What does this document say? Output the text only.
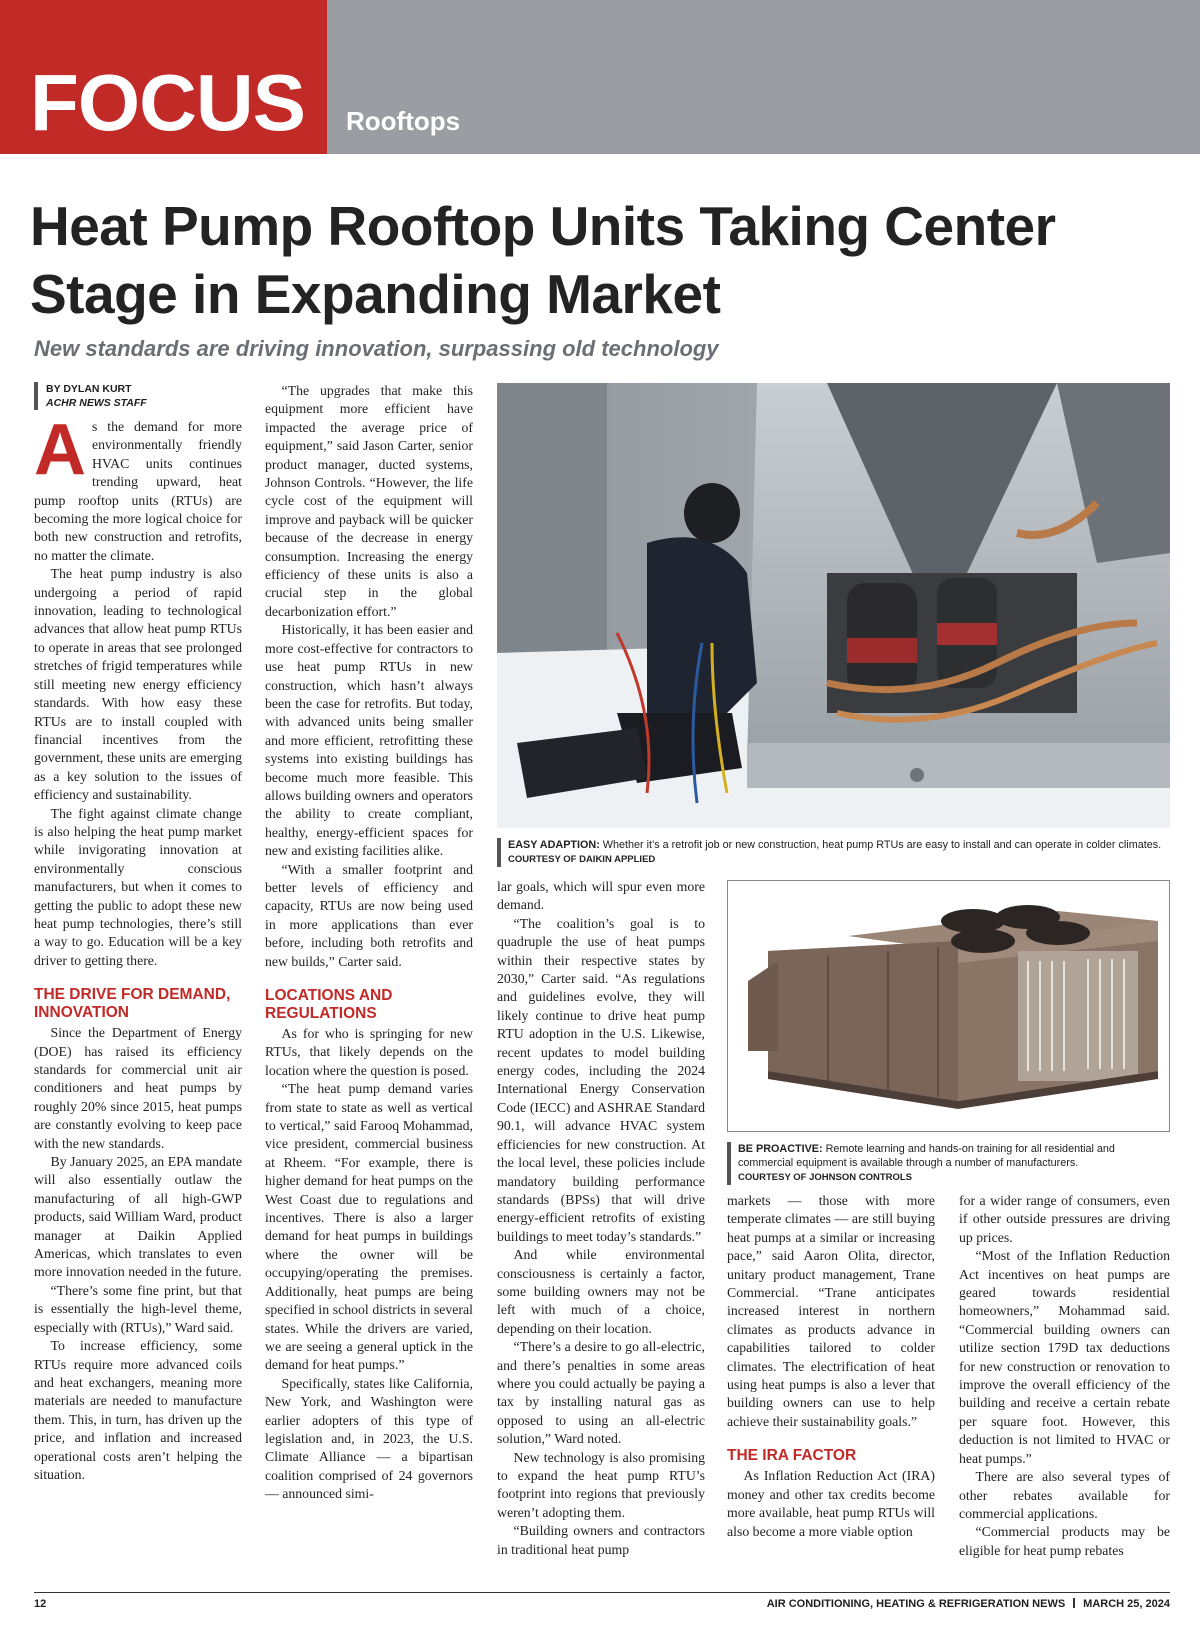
FOCUS Rooftops
Heat Pump Rooftop Units Taking Center Stage in Expanding Market
New standards are driving innovation, surpassing old technology
BY DYLAN KURT
ACHR NEWS STAFF

As the demand for more environmentally friendly HVAC units continues trending upward, heat pump rooftop units (RTUs) are becoming the more logical choice for both new construction and retrofits, no matter the climate.

The heat pump industry is also undergoing a period of rapid innovation, leading to technological advances that allow heat pump RTUs to operate in areas that see prolonged stretches of frigid temperatures while still meeting new energy efficiency standards. With how easy these RTUs are to install coupled with financial incentives from the government, these units are emerging as a key solution to the issues of efficiency and sustainability.

The fight against climate change is also helping the heat pump market while invigorating innovation at environmentally conscious manufacturers, but when it comes to getting the public to adopt these new heat pump technologies, there’s still a way to go. Education will be a key driver to getting there.

THE DRIVE FOR DEMAND, INNOVATION

Since the Department of Energy (DOE) has raised its efficiency standards for commercial unit air conditioners and heat pumps by roughly 20% since 2015, heat pumps are constantly evolving to keep pace with the new standards.

By January 2025, an EPA mandate will also essentially outlaw the manufacturing of all high-GWP products, said William Ward, product manager at Daikin Applied Americas, which translates to even more innovation needed in the future.

“There’s some fine print, but that is essentially the high-level theme, especially with (RTUs),” Ward said.

To increase efficiency, some RTUs require more advanced coils and heat exchangers, meaning more materials are needed to manufacture them. This, in turn, has driven up the price, and inflation and increased operational costs aren’t helping the situation.

“The upgrades that make this equipment more efficient have impacted the average price of equipment,” said Jason Carter, senior product manager, ducted systems, Johnson Controls. “However, the life cycle cost of the equipment will improve and payback will be quicker because of the decrease in energy consumption. Increasing the energy efficiency of these units is also a crucial step in the global decarbonization effort.”

Historically, it has been easier and more cost-effective for contractors to use heat pump RTUs in new construction, which hasn’t always been the case for retrofits. But today, with advanced units being smaller and more efficient, retrofitting these systems into existing buildings has become much more feasible. This allows building owners and operators the ability to create compliant, healthy, energy-efficient spaces for new and existing facilities alike.

“With a smaller footprint and better levels of efficiency and capacity, RTUs are now being used in more applications than ever before, including both retrofits and new builds,” Carter said.

LOCATIONS AND REGULATIONS

As for who is springing for new RTUs, that likely depends on the location where the question is posed.

“The heat pump demand varies from state to state as well as vertical to vertical,” said Farooq Mohammad, vice president, commercial business at Rheem. “For example, there is higher demand for heat pumps on the West Coast due to regulations and incentives. There is also a larger demand for heat pumps in buildings where the owner will be occupying/operating the premises. Additionally, heat pumps are being specified in school districts in several states. While the drivers are varied, we are seeing a general uptick in the demand for heat pumps.”

Specifically, states like California, New York, and Washington were earlier adopters of this type of legislation and, in 2023, the U.S. Climate Alliance — a bipartisan coalition comprised of 24 governors — announced simi-

EASY ADAPTION: Whether it’s a retrofit job or new construction, heat pump RTUs are easy to install and can operate in colder climates. COURTESY OF DAIKIN APPLIED

lar goals, which will spur even more demand.

“The coalition’s goal is to quadruple the use of heat pumps within their respective states by 2030,” Carter said. “As regulations and guidelines evolve, they will likely continue to drive heat pump RTU adoption in the U.S. Likewise, recent updates to model building energy codes, including the 2024 International Energy Conservation Code (IECC) and ASHRAE Standard 90.1, will advance HVAC system efficiencies for new construction. At the local level, these policies include mandatory building performance standards (BPSs) that will drive energy-efficient retrofits of existing buildings to meet today’s standards.”

And while environmental consciousness is certainly a factor, some building owners may not be left with much of a choice, depending on their location.

“There’s a desire to go all-electric, and there’s penalties in some areas where you could actually be paying a tax by installing natural gas as opposed to using an all-electric solution,” Ward noted.

New technology is also promising to expand the heat pump RTU’s footprint into regions that previously weren’t adopting them.

“Building owners and contractors in traditional heat pump

BE PROACTIVE: Remote learning and hands-on training for all residential and commercial equipment is available through a number of manufacturers.
COURTESY OF JOHNSON CONTROLS

markets — those with more temperate climates — are still buying heat pumps at a similar or increasing pace,” said Aaron Olita, director, unitary product management, Trane Commercial. “Trane anticipates increased interest in northern climates as products advance in capabilities tailored to colder climates. The electrification of heat using heat pumps is also a lever that building owners can use to help achieve their sustainability goals.”

THE IRA FACTOR

As Inflation Reduction Act (IRA) money and other tax credits become more available, heat pump RTUs will also become a more viable option

for a wider range of consumers, even if other outside pressures are driving up prices.

“Most of the Inflation Reduction Act incentives on heat pumps are geared towards residential homeowners,” Mohammad said. “Commercial building owners can utilize section 179D tax deductions for new construction or renovation to improve the overall efficiency of the building and receive a certain rebate per square foot. However, this deduction is not limited to HVAC or heat pumps.”

There are also several types of other rebates available for commercial applications.

“Commercial products may be eligible for heat pump rebates

12	AIR CONDITIONING, HEATING & REFRIGERATION NEWS MARCH 25, 2024
